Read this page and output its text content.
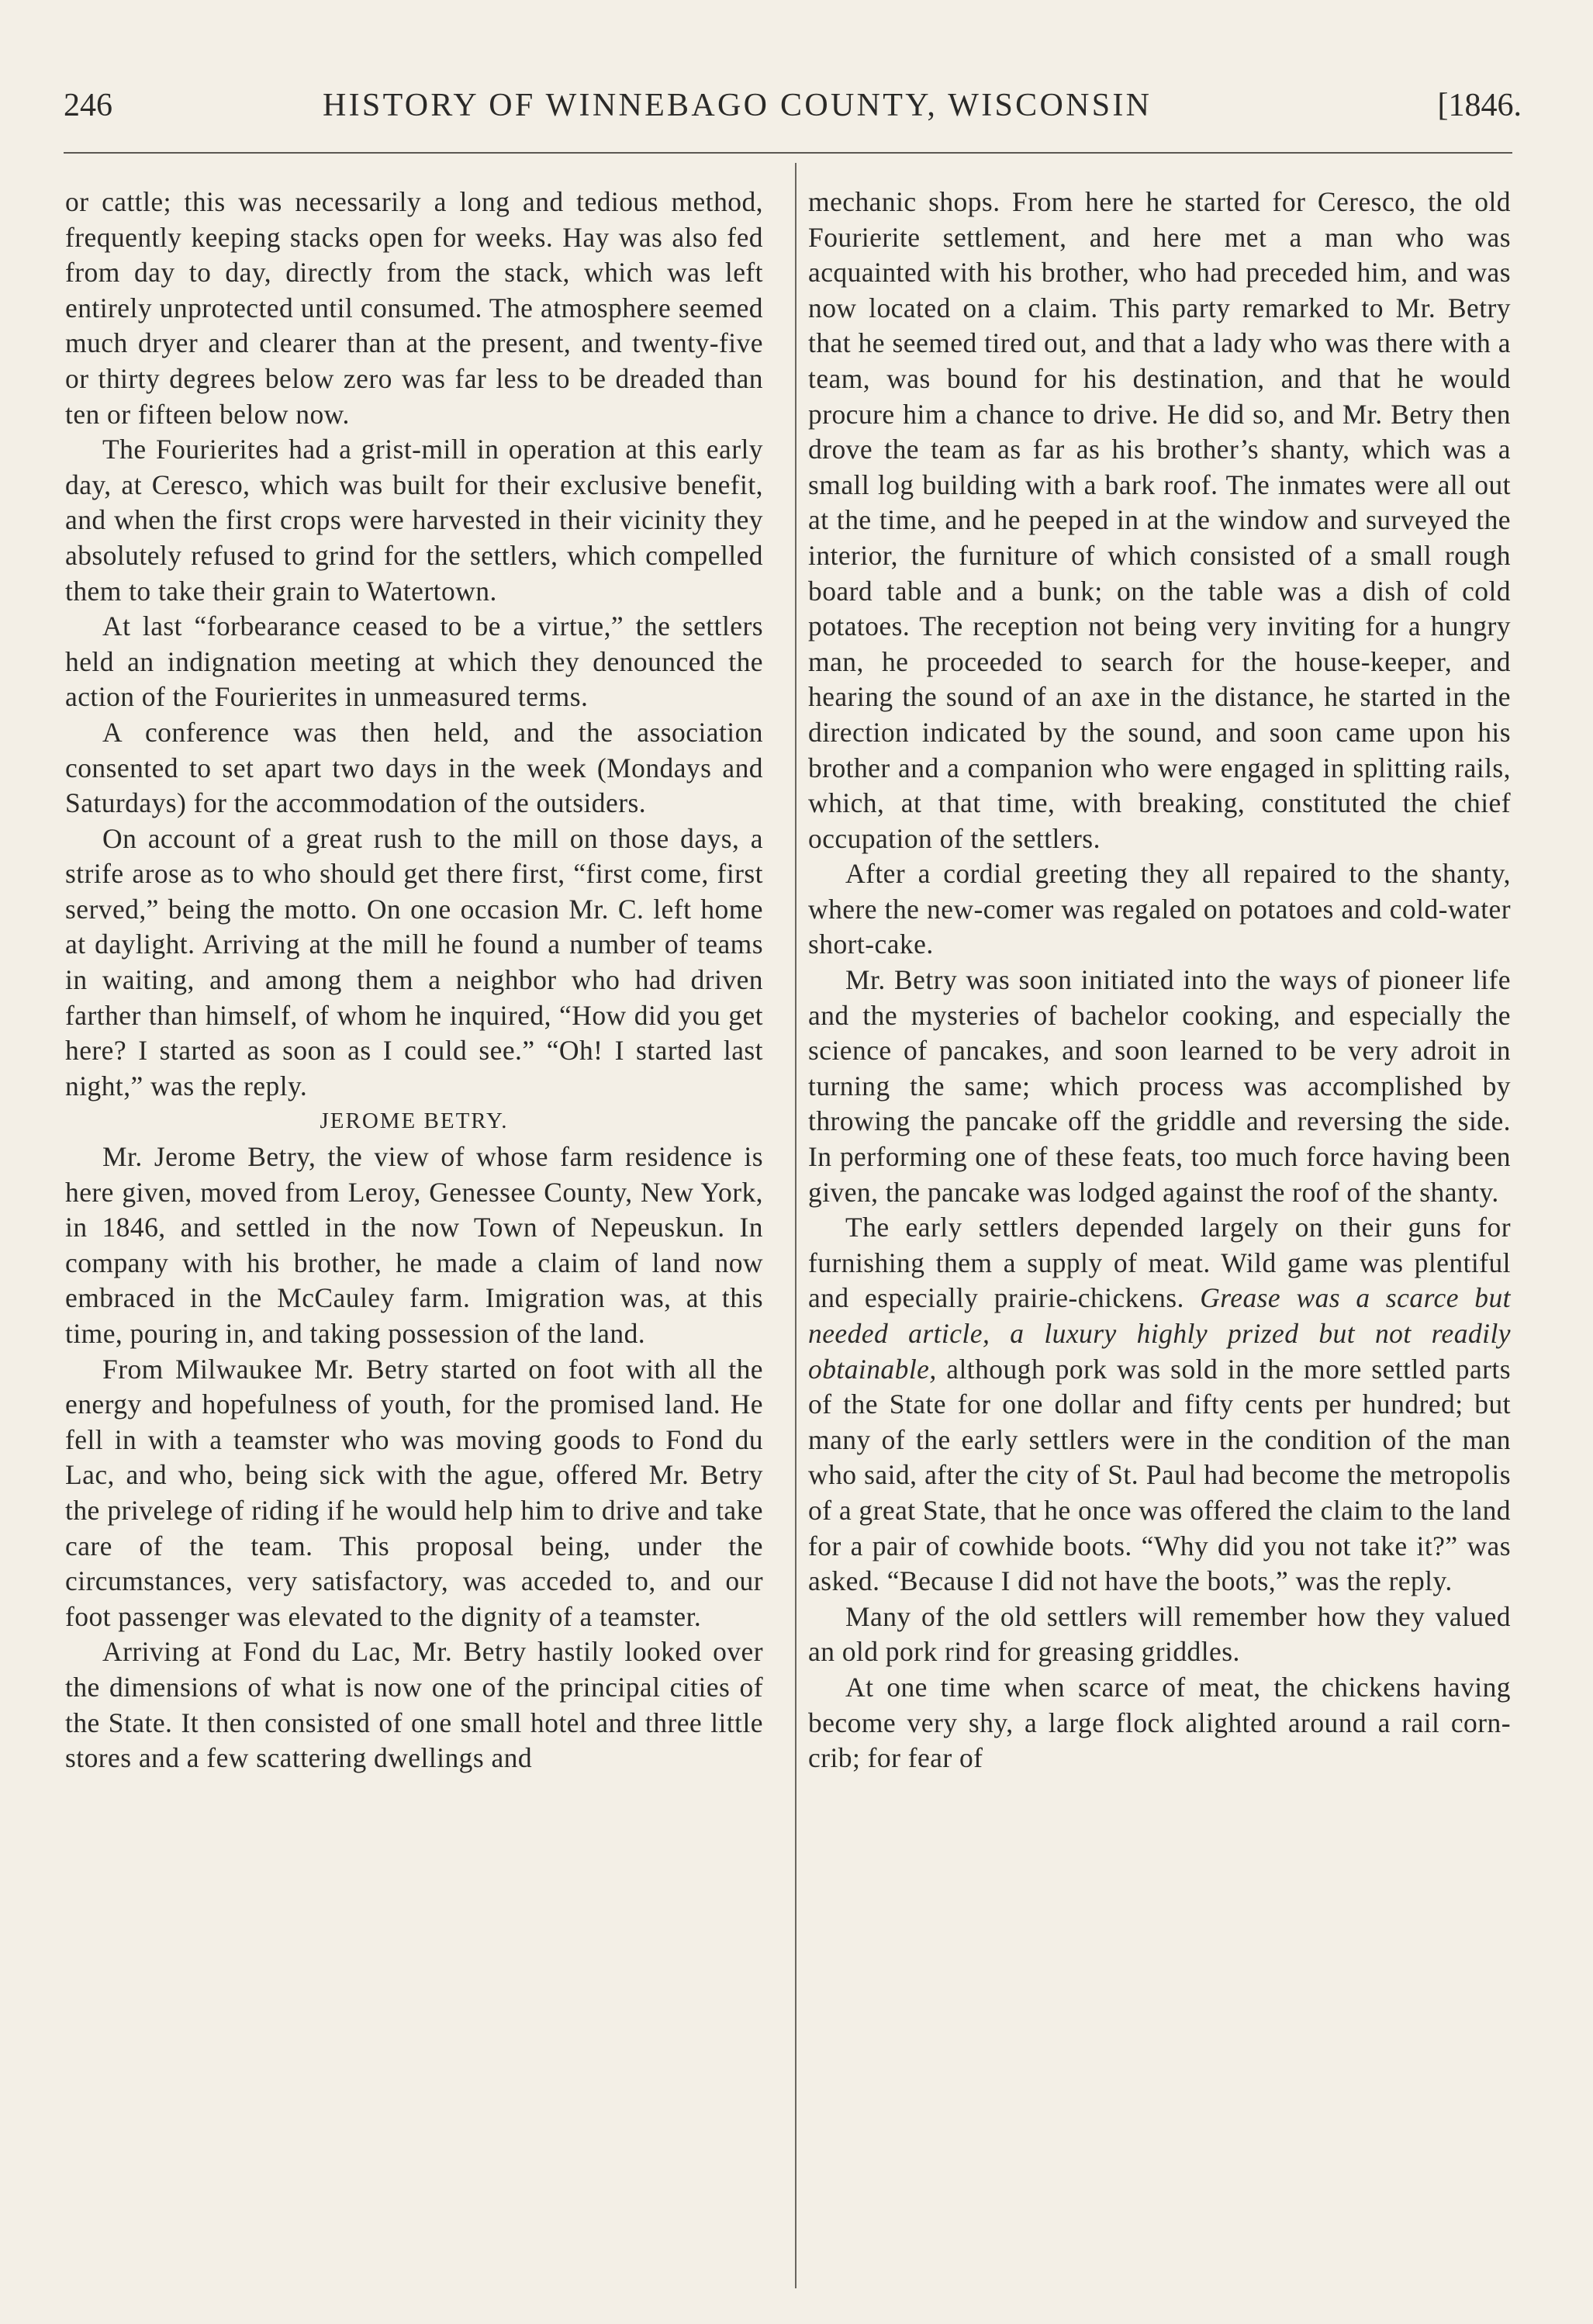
246	HISTORY OF WINNEBAGO COUNTY, WISCONSIN	[1846.

or cattle; this was necessarily a long and tedious method, frequently keeping stacks open for weeks. Hay was also fed from day to day, directly from the stack, which was left entirely unprotected until consumed. The atmosphere seemed much dryer and clearer than at the present, and twenty-five or thirty degrees below zero was far less to be dreaded than ten or fifteen below now.

The Fourierites had a grist-mill in operation at this early day, at Ceresco, which was built for their exclusive benefit, and when the first crops were harvested in their vicinity they absolutely refused to grind for the settlers, which compelled them to take their grain to Watertown.

At last “forbearance ceased to be a virtue,” the settlers held an indignation meeting at which they denounced the action of the Fourierites in unmeasured terms.

A conference was then held, and the association consented to set apart two days in the week (Mondays and Saturdays) for the accommodation of the outsiders.

On account of a great rush to the mill on those days, a strife arose as to who should get there first, “first come, first served,” being the motto. On one occasion Mr. C. left home at daylight. Arriving at the mill he found a number of teams in waiting, and among them a neighbor who had driven farther than himself, of whom he inquired, “How did you get here? I started as soon as I could see.” “Oh! I started last night,” was the reply.

JEROME BETRY.

Mr. Jerome Betry, the view of whose farm residence is here given, moved from Leroy, Genessee County, New York, in 1846, and settled in the now Town of Nepeuskun. In company with his brother, he made a claim of land now embraced in the McCauley farm. Imigration was, at this time, pouring in, and taking possession of the land.

From Milwaukee Mr. Betry started on foot with all the energy and hopefulness of youth, for the promised land. He fell in with a teamster who was moving goods to Fond du Lac, and who, being sick with the ague, offered Mr. Betry the privelege of riding if he would help him to drive and take care of the team. This proposal being, under the circumstances, very satisfactory, was acceded to, and our foot passenger was elevated to the dignity of a teamster.

Arriving at Fond du Lac, Mr. Betry hastily looked over the dimensions of what is now one of the principal cities of the State. It then consisted of one small hotel and three little stores and a few scattering dwellings and

mechanic shops. From here he started for Ceresco, the old Fourierite settlement, and here met a man who was acquainted with his brother, who had preceded him, and was now located on a claim. This party remarked to Mr. Betry that he seemed tired out, and that a lady who was there with a team, was bound for his destination, and that he would procure him a chance to drive. He did so, and Mr. Betry then drove the team as far as his brother’s shanty, which was a small log building with a bark roof. The inmates were all out at the time, and he peeped in at the window and surveyed the interior, the furniture of which consisted of a small rough board table and a bunk; on the table was a dish of cold potatoes. The reception not being very inviting for a hungry man, he proceeded to search for the house-keeper, and hearing the sound of an axe in the distance, he started in the direction indicated by the sound, and soon came upon his brother and a companion who were engaged in splitting rails, which, at that time, with breaking, constituted the chief occupation of the settlers.

After a cordial greeting they all repaired to the shanty, where the new-comer was regaled on potatoes and cold-water short-cake.

Mr. Betry was soon initiated into the ways of pioneer life and the mysteries of bachelor cooking, and especially the science of pancakes, and soon learned to be very adroit in turning the same; which process was accomplished by throwing the pancake off the griddle and reversing the side. In performing one of these feats, too much force having been given, the pancake was lodged against the roof of the shanty.

The early settlers depended largely on their guns for furnishing them a supply of meat. Wild game was plentiful and especially prairie-chickens. Grease was a scarce but needed article, a luxury highly prized but not readily obtainable, although pork was sold in the more settled parts of the State for one dollar and fifty cents per hundred; but many of the early settlers were in the condition of the man who said, after the city of St. Paul had become the metropolis of a great State, that he once was offered the claim to the land for a pair of cowhide boots. “Why did you not take it?” was asked. “Because I did not have the boots,” was the reply.

Many of the old settlers will remember how they valued an old pork rind for greasing griddles.

At one time when scarce of meat, the chickens having become very shy, a large flock alighted around a rail corn-crib; for fear of
